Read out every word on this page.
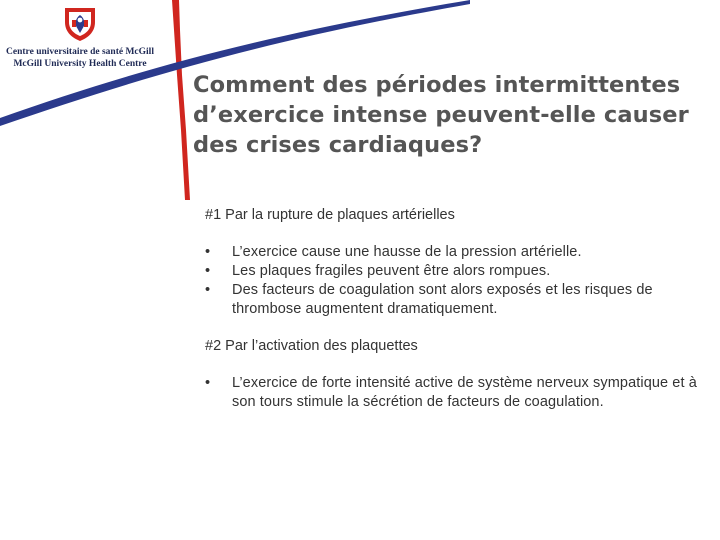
Centre universitaire de santé McGill
McGill University Health Centre
Comment des périodes intermittentes d’exercice intense peuvent-elle causer des crises cardiaques?

#1 Par la rupture de plaques artérielles

• L’exercice cause une hausse de la pression artérielle.
• Les plaques fragiles peuvent être alors rompues.
• Des facteurs de coagulation sont alors exposés et les risques de thrombose augmentent dramatiquement.

#2 Par l’activation des plaquettes

• L’exercice de forte intensité active de système nerveux sympatique et à son tours stimule la sécrétion de facteurs de coagulation.
